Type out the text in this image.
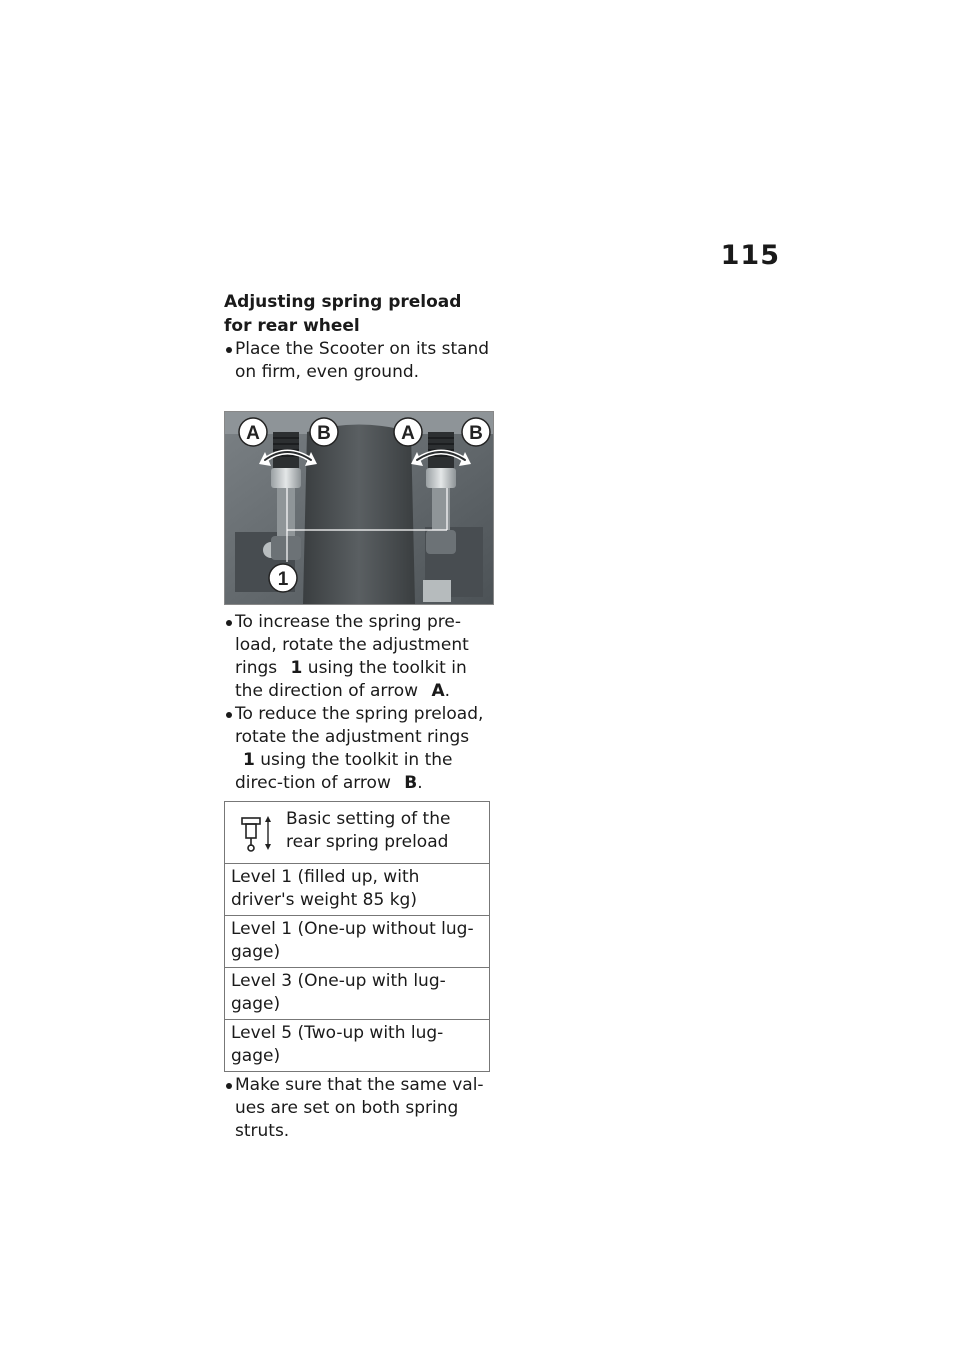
115

Adjusting spring preload for rear wheel

Place the Scooter on its stand on firm, even ground.

A	B	A	B
1

To increase the spring pre-load, rotate the adjustment rings 1 using the toolkit in the direction of arrow A.

To reduce the spring preload, rotate the adjustment rings 1 using the toolkit in the direc-tion of arrow B.

Basic setting of the rear spring preload

Level 1 (filled up, with driver's weight 85 kg)
Level 1 (One-up without lug-gage)
Level 3 (One-up with lug-gage)
Level 5 (Two-up with lug-gage)

Make sure that the same val-ues are set on both spring struts.
